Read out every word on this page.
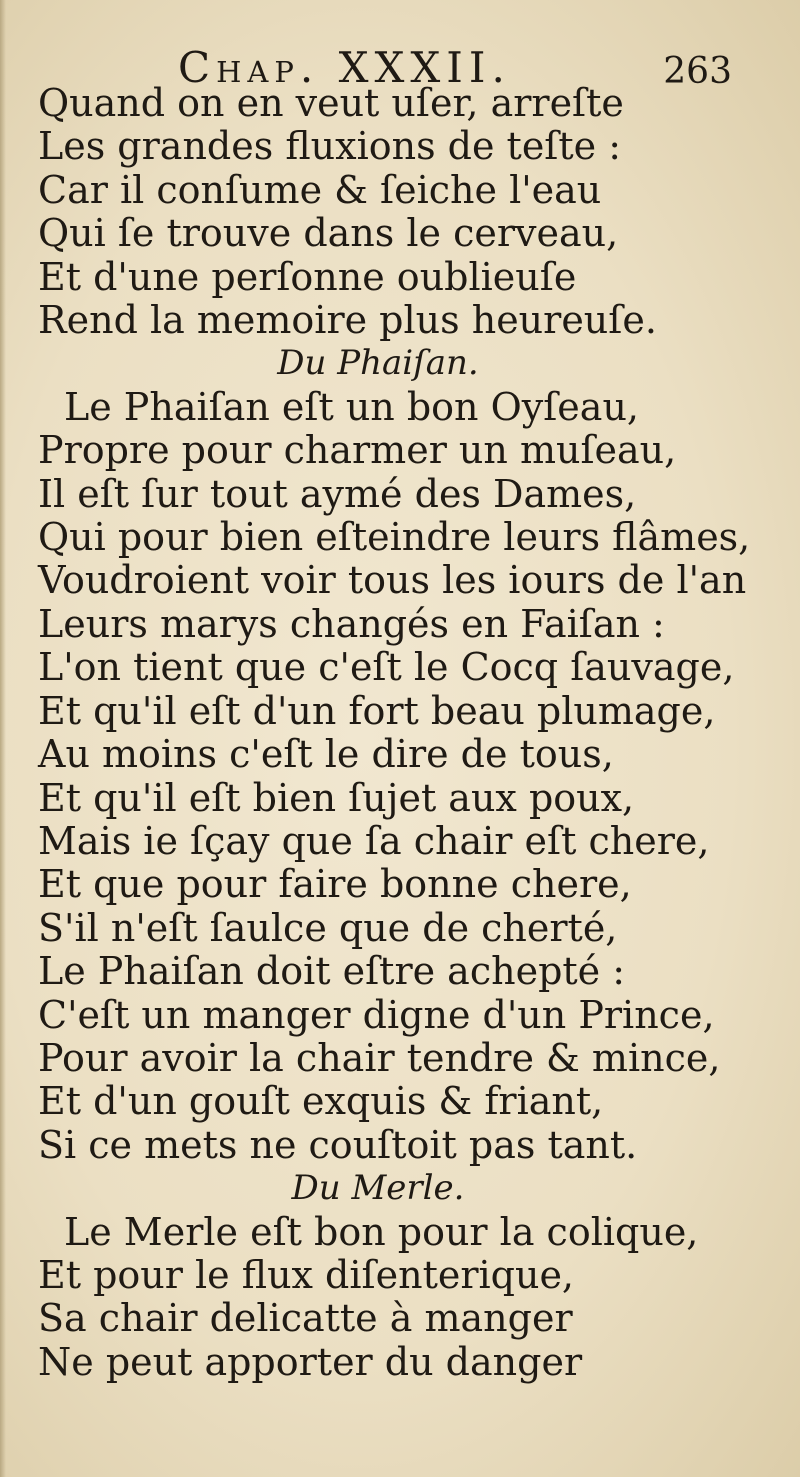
Chap. XXXII.	263
Quand on en veut uſer, arreſte
Les grandes fluxions de teſte :
Car il conſume & ſeiche l'eau
Qui ſe trouve dans le cerveau,
Et d'une perſonne oublieuſe
Rend la memoire plus heureuſe.
Du Phaiſan.
Le Phaiſan eſt un bon Oyſeau,
Propre pour charmer un muſeau,
Il eſt ſur tout aymé des Dames,
Qui pour bien eſteindre leurs flâmes,
Voudroient voir tous les iours de l'an
Leurs marys changés en Faiſan :
L'on tient que c'eſt le Cocq ſauvage,
Et qu'il eſt d'un fort beau plumage,
Au moins c'eſt le dire de tous,
Et qu'il eſt bien ſujet aux poux,
Mais ie ſçay que ſa chair eſt chere,
Et que pour faire bonne chere,
S'il n'eſt ſaulce que de cherté,
Le Phaiſan doit eſtre achepté :
C'eſt un manger digne d'un Prince,
Pour avoir la chair tendre & mince,
Et d'un gouſt exquis & friant,
Si ce mets ne couſtoit pas tant.
Du Merle.
Le Merle eſt bon pour la colique,
Et pour le flux diſenterique,
Sa chair delicatte à manger
Ne peut apporter du danger
